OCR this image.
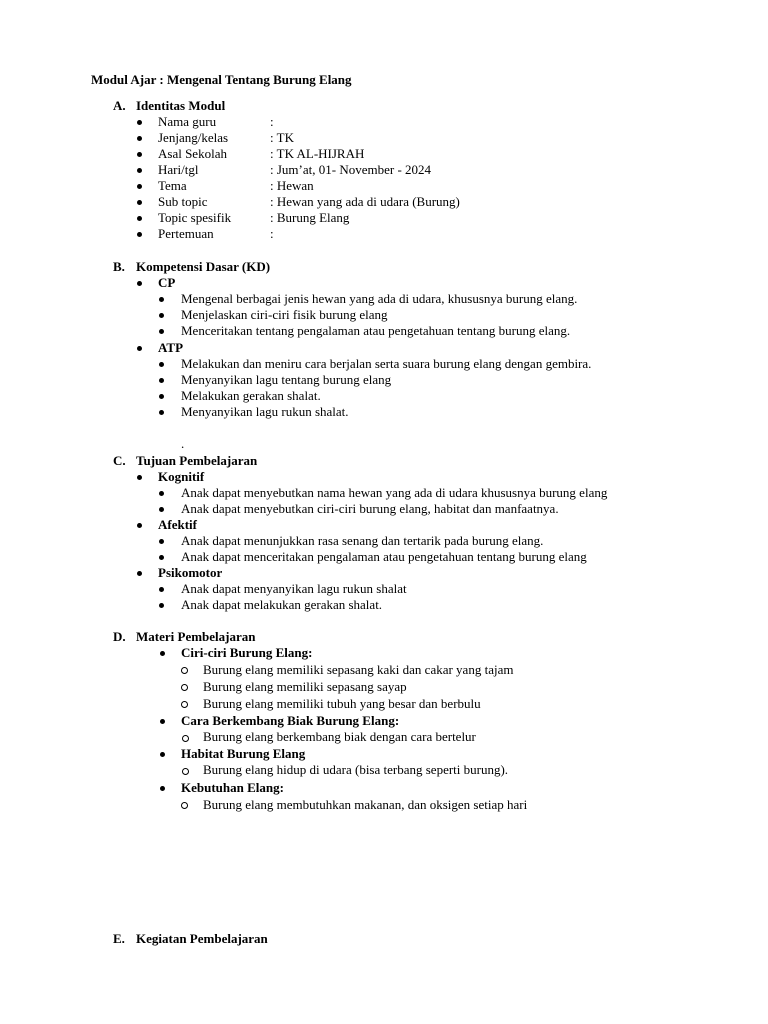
Modul Ajar : Mengenal Tentang Burung Elang
A. Identitas Modul
Nama guru	:
Jenjang/kelas	: TK
Asal Sekolah	: TK AL-HIJRAH
Hari/tgl	: Jum’at, 01- November - 2024
Tema	: Hewan
Sub topic	: Hewan yang ada di udara (Burung)
Topic spesifik	: Burung Elang
Pertemuan	:
B. Kompetensi Dasar (KD)
CP
Mengenal berbagai jenis hewan yang ada di udara, khususnya burung elang.
Menjelaskan ciri-ciri fisik burung elang
Menceritakan tentang pengalaman atau pengetahuan tentang burung elang.
ATP
Melakukan dan meniru cara berjalan serta suara burung elang dengan gembira.
Menyanyikan lagu tentang burung elang
Melakukan gerakan shalat.
Menyanyikan lagu rukun shalat.
.
C. Tujuan Pembelajaran
Kognitif
Anak dapat menyebutkan nama hewan yang ada di udara khususnya burung elang
Anak dapat menyebutkan ciri-ciri burung elang, habitat dan manfaatnya.
Afektif
Anak dapat menunjukkan rasa senang dan tertarik pada burung elang.
Anak dapat menceritakan pengalaman atau pengetahuan tentang burung elang
Psikomotor
Anak dapat menyanyikan lagu rukun shalat
Anak dapat melakukan gerakan shalat.
D. Materi Pembelajaran
Ciri-ciri Burung Elang:
Burung elang memiliki sepasang kaki dan cakar yang tajam
Burung elang memiliki sepasang sayap
Burung elang memiliki tubuh yang besar dan berbulu
Cara Berkembang Biak Burung Elang:
Burung elang berkembang biak dengan cara bertelur
Habitat Burung Elang
Burung elang hidup di udara (bisa terbang seperti burung).
Kebutuhan Elang:
Burung elang membutuhkan makanan, dan oksigen setiap hari
E. Kegiatan Pembelajaran
